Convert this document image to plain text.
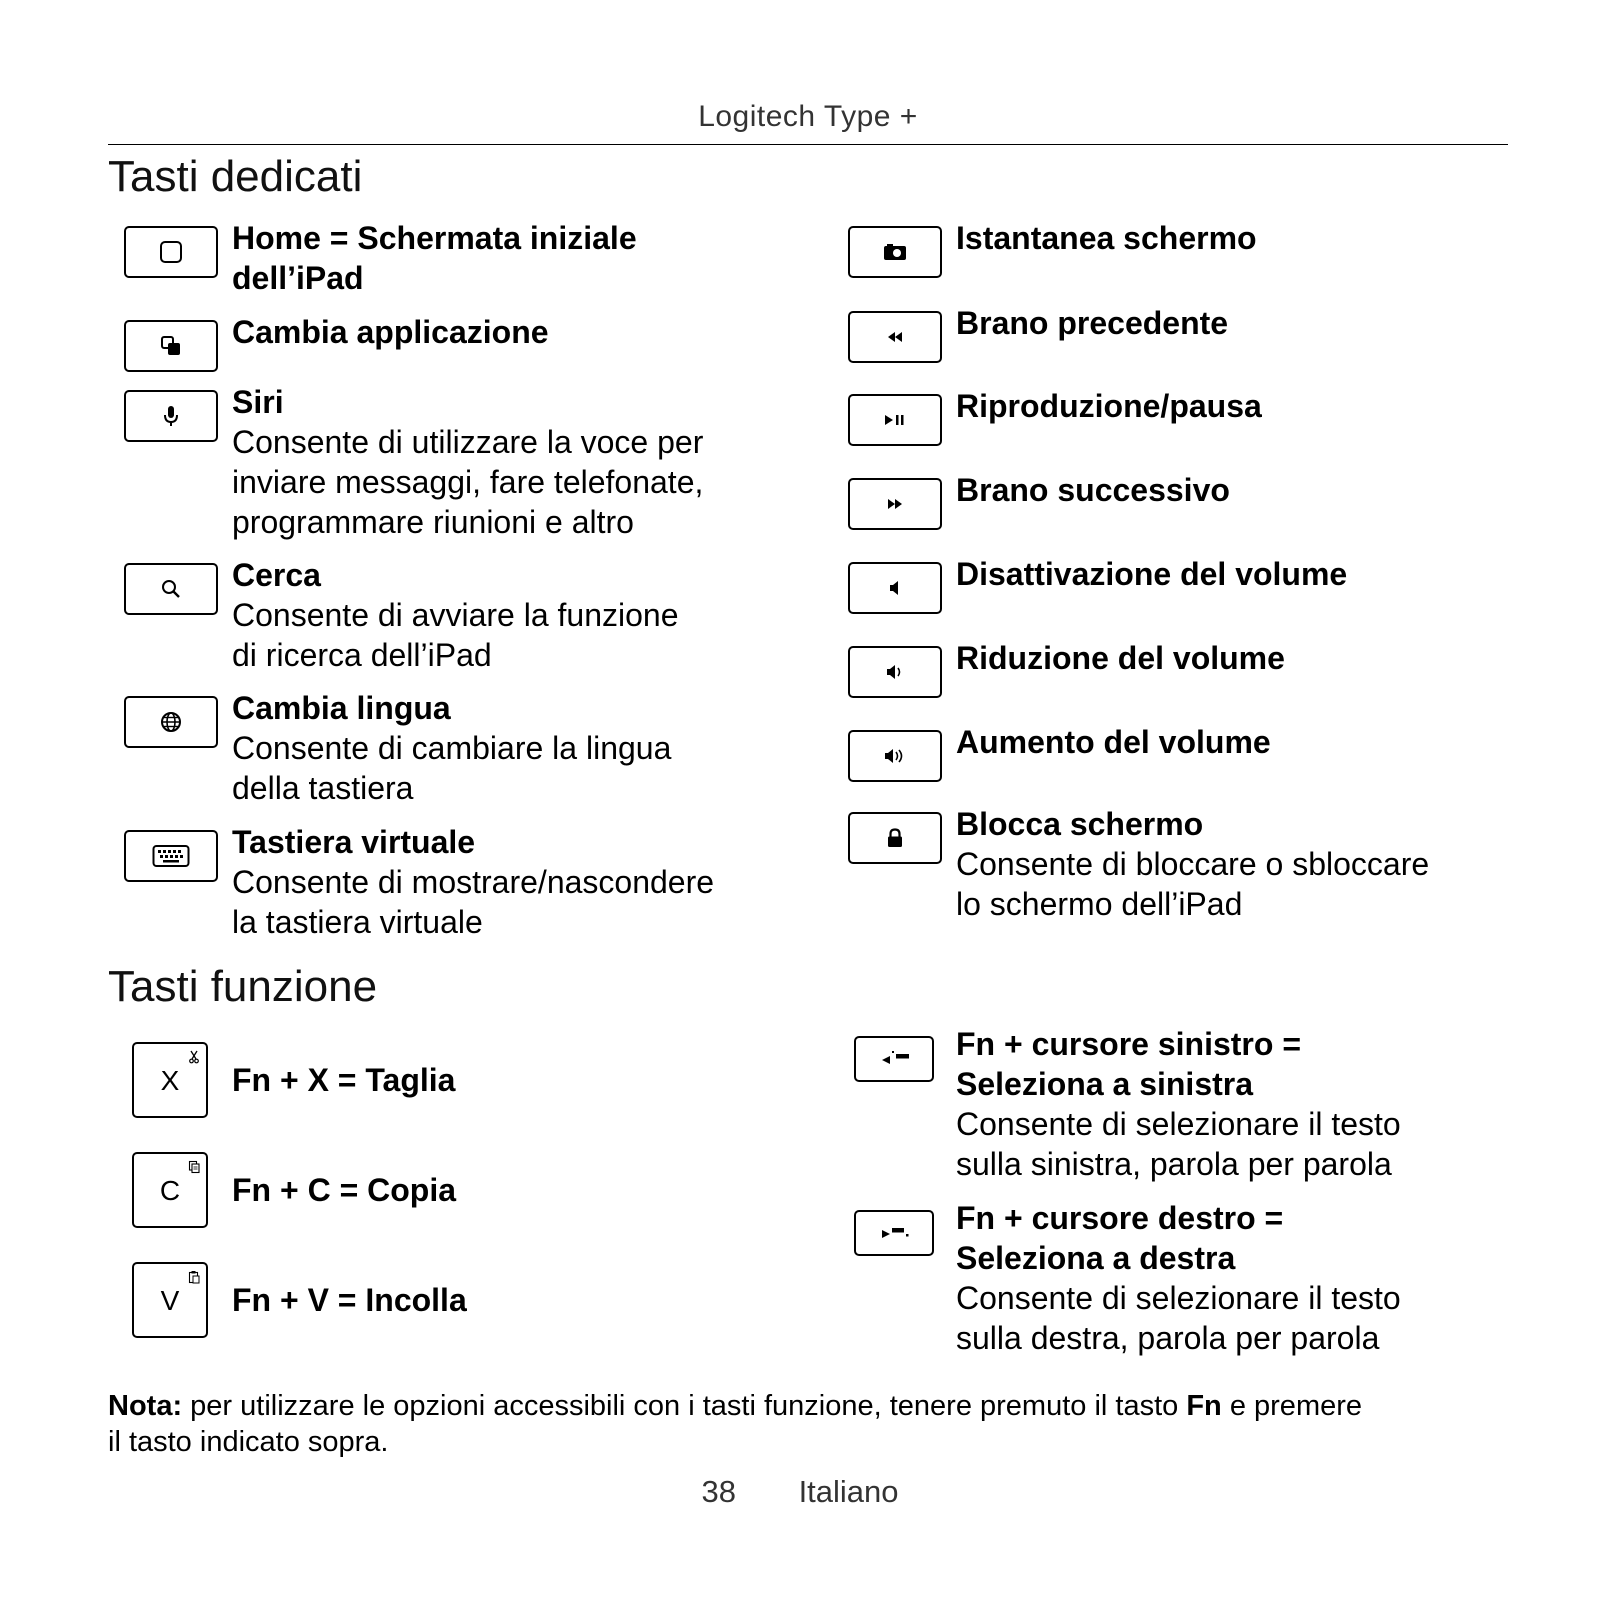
Logitech Type +
Tasti dedicati
Home = Schermata iniziale
dell’iPad
Cambia applicazione
Siri
Consente di utilizzare la voce per
inviare messaggi, fare telefonate,
programmare riunioni e altro
Cerca
Consente di avviare la funzione
di ricerca dell’iPad
Cambia lingua
Consente di cambiare la lingua
della tastiera
Tastiera virtuale
Consente di mostrare/nascondere
la tastiera virtuale
Istantanea schermo
Brano precedente
Riproduzione/pausa
Brano successivo
Disattivazione del volume
Riduzione del volume
Aumento del volume
Blocca schermo
Consente di bloccare o sbloccare
lo schermo dell’iPad
Tasti funzione
X	Fn + X = Taglia
C	Fn + C = Copia
V	Fn + V = Incolla
Fn + cursore sinistro =
Seleziona a sinistra
Consente di selezionare il testo
sulla sinistra, parola per parola
Fn + cursore destro =
Seleziona a destra
Consente di selezionare il testo
sulla destra, parola per parola
Nota: per utilizzare le opzioni accessibili con i tasti funzione, tenere premuto il tasto Fn e premere
il tasto indicato sopra.
38 Italiano
